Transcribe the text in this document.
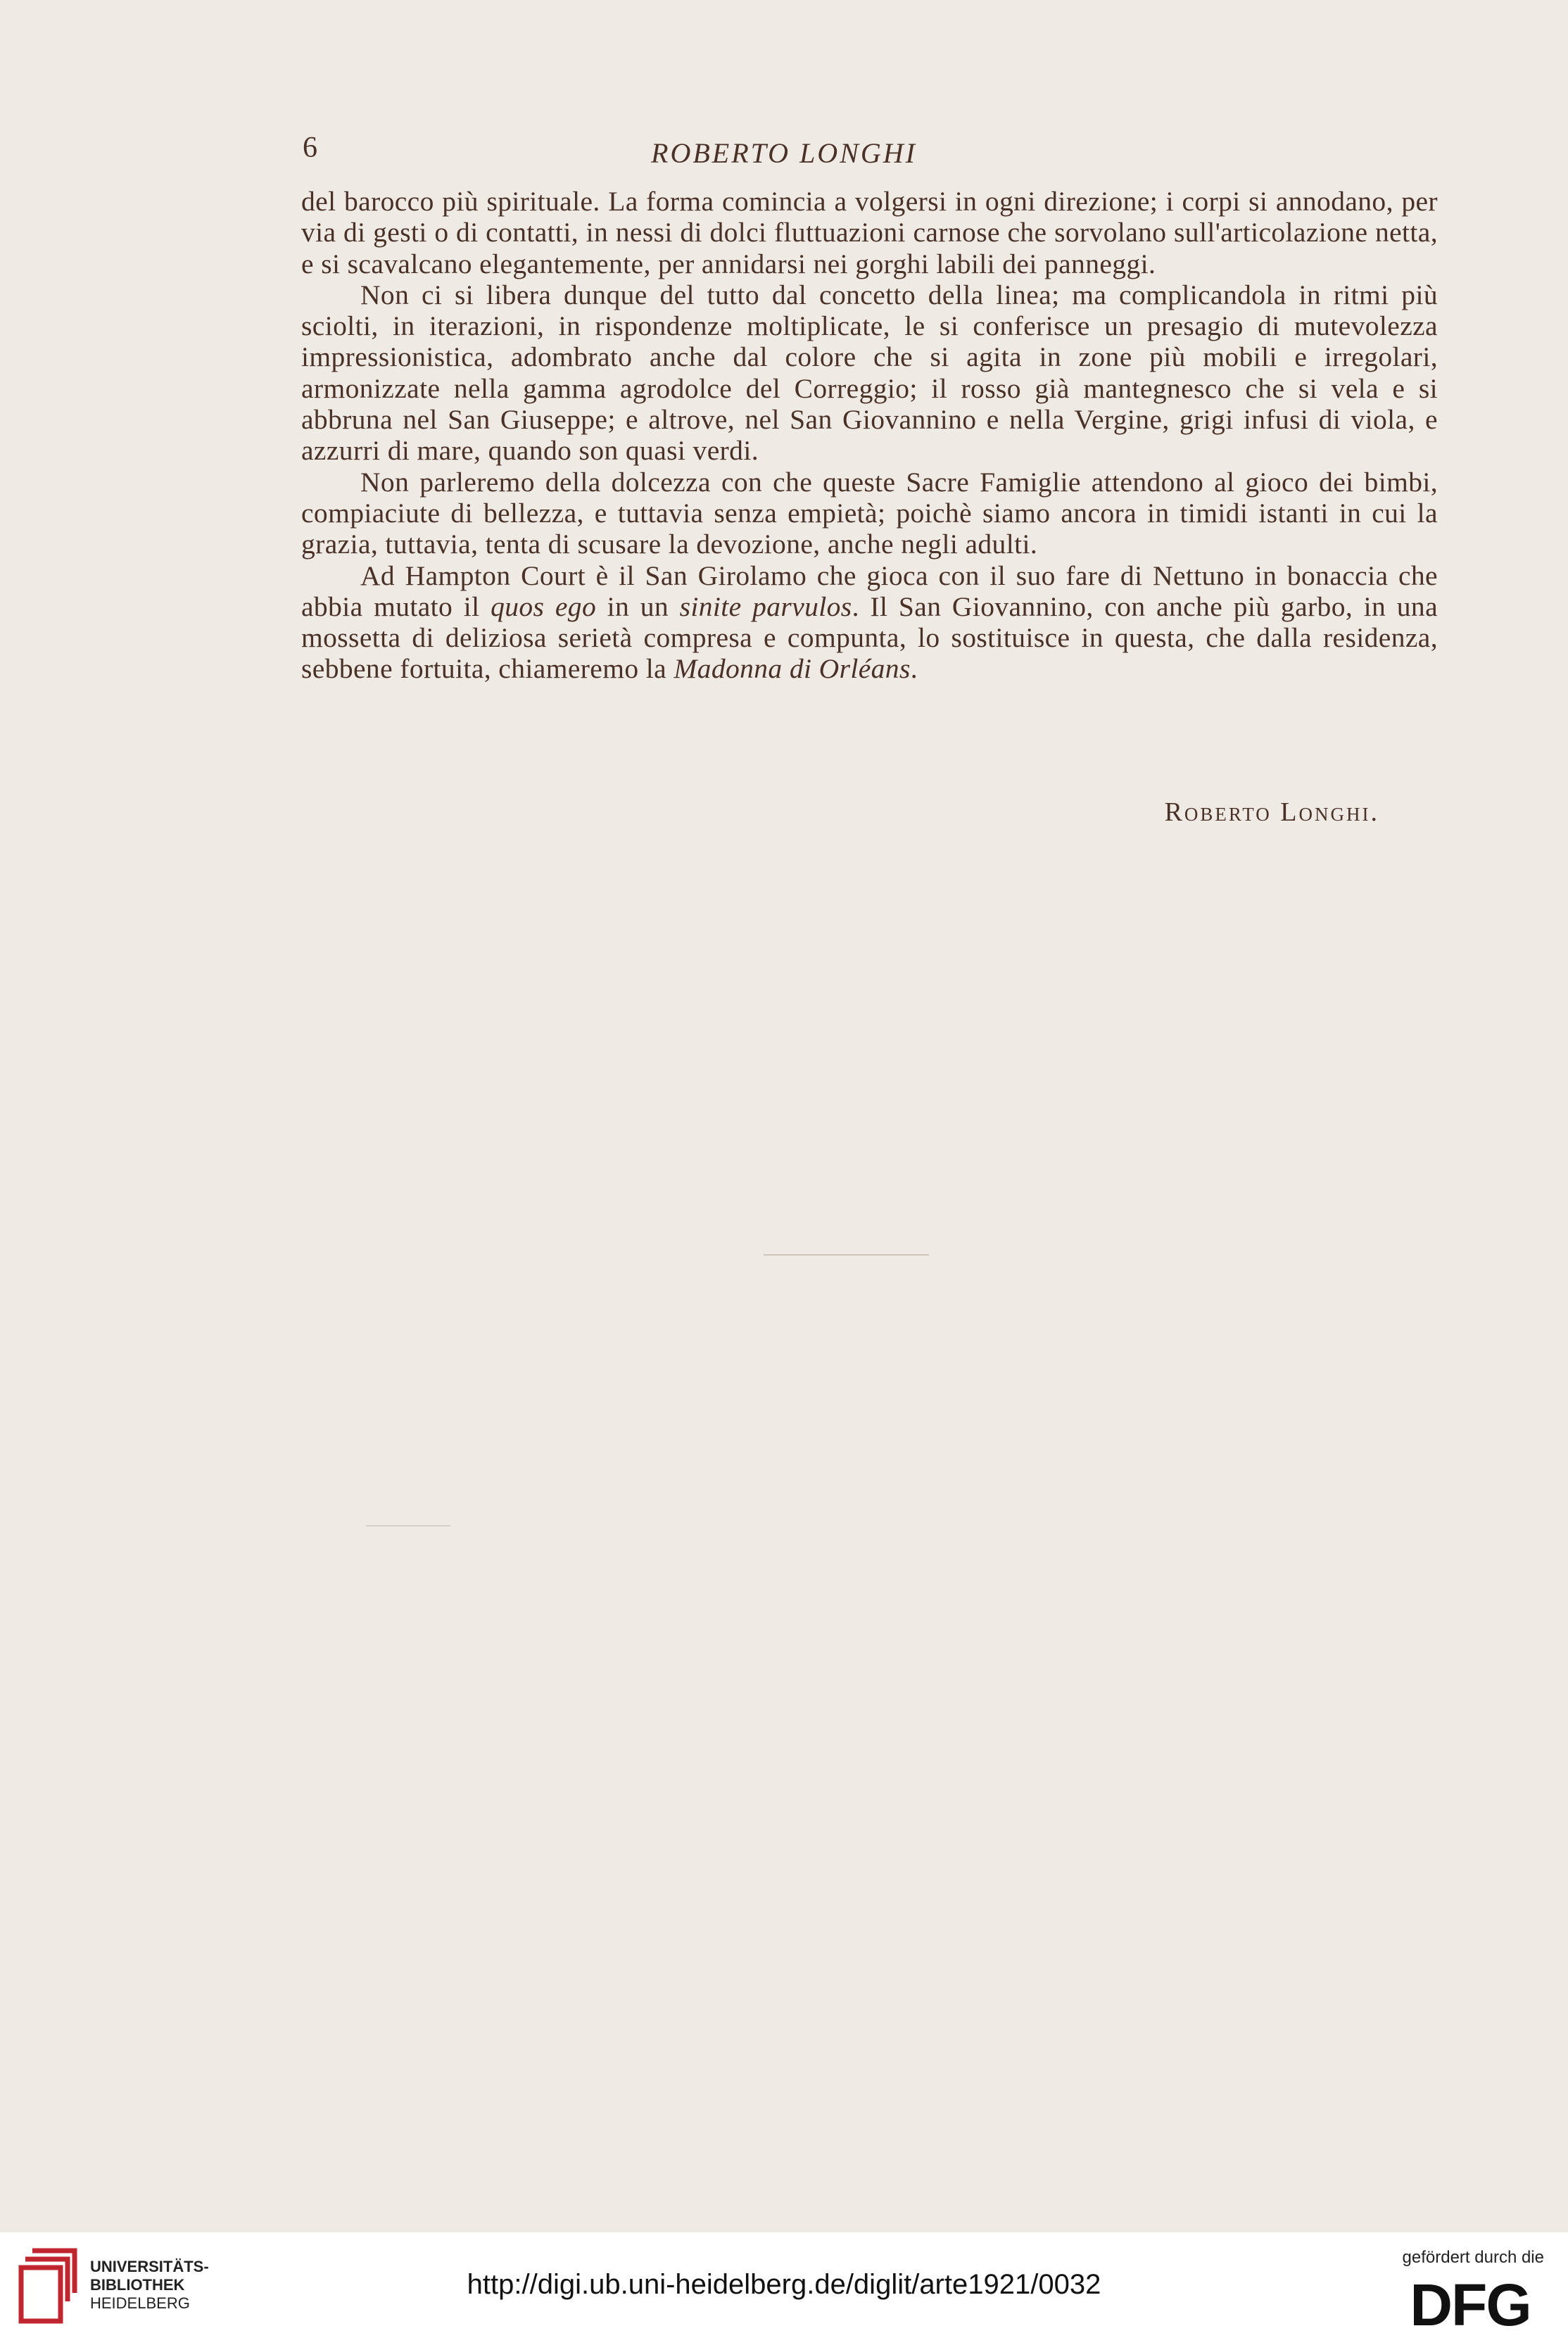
6	ROBERTO LONGHI

del barocco più spirituale. La forma comincia a volgersi in ogni direzione; i corpi si annodano, per via di gesti o di contatti, in nessi di dolci fluttuazioni carnose che sorvolano sull'articolazione netta, e si scavalcano elegantemente, per annidarsi nei gorghi labili dei panneggi.

Non ci si libera dunque del tutto dal concetto della linea; ma complicandola in ritmi più sciolti, in iterazioni, in rispondenze moltiplicate, le si conferisce un presagio di mutevolezza impressionistica, adombrato anche dal colore che si agita in zone più mobili e irregolari, armonizzate nella gamma agrodolce del Correggio; il rosso già mantegnesco che si vela e si abbruna nel San Giuseppe; e altrove, nel San Giovannino e nella Vergine, grigi infusi di viola, e azzurri di mare, quando son quasi verdi.

Non parleremo della dolcezza con che queste Sacre Famiglie attendono al gioco dei bimbi, compiaciute di bellezza, e tuttavia senza empietà; poichè siamo ancora in timidi istanti in cui la grazia, tuttavia, tenta di scusare la devozione, anche negli adulti.

Ad Hampton Court è il San Girolamo che gioca con il suo fare di Nettuno in bonaccia che abbia mutato il quos ego in un sinite parvulos. Il San Giovannino, con anche più garbo, in una mossetta di deliziosa serietà compresa e compunta, lo sostituisce in questa, che dalla residenza, sebbene fortuita, chiameremo la Madonna di Orléans.

Roberto Longhi.
UNIVERSITÄTS-
BIBLIOTHEK
HEIDELBERG
http://digi.ub.uni-heidelberg.de/diglit/arte1921/0032
gefördert durch die
DFG
